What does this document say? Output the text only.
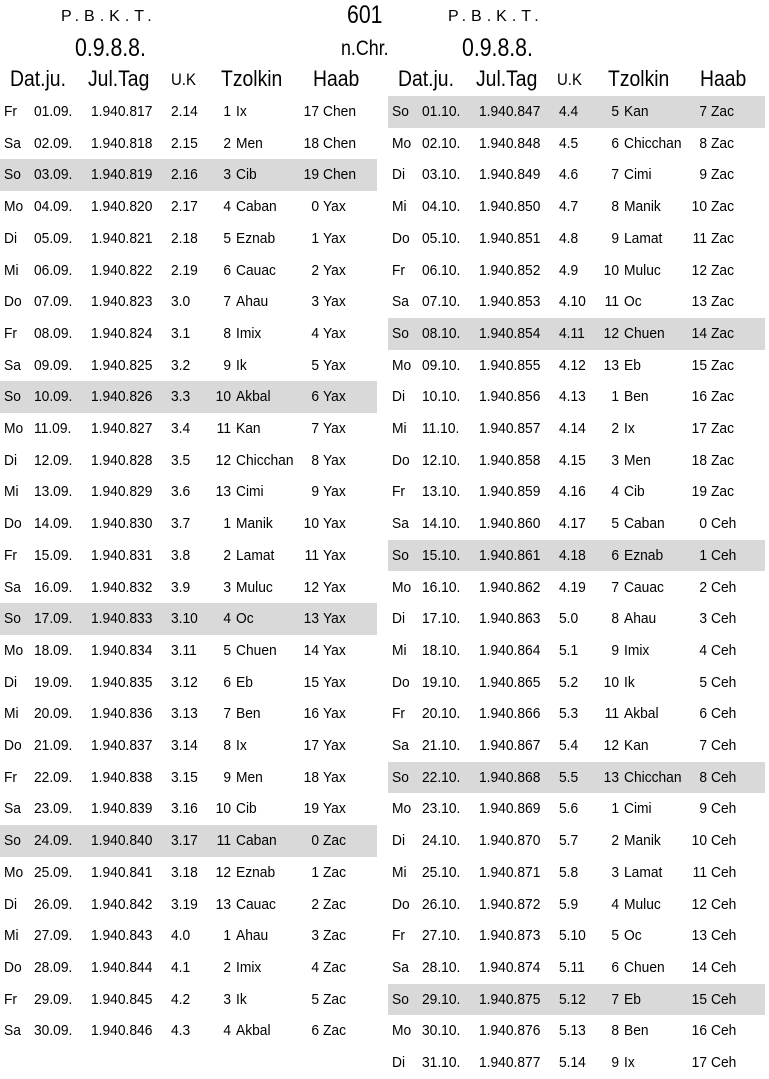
P.B.K.T.
0.9.8.8.
601
n.Chr.
P.B.K.T.
0.9.8.8.
Dat.ju. Jul.Tag U.K Tzolkin Haab Dat.ju. Jul.Tag U.K Tzolkin Haab
Fr 01.09. 1.940.817 2.14	1 Ix	17 Chen
Sa 02.09. 1.940.818 2.15	2 Men	18 Chen
So 03.09. 1.940.819 2.16	3 Cib	19 Chen
Mo 04.09. 1.940.820 2.17	4 Caban	0 Yax
Di 05.09. 1.940.821 2.18	5 Eznab	1 Yax
Mi 06.09. 1.940.822 2.19	6 Cauac	2 Yax
Do 07.09. 1.940.823 3.0	7 Ahau	3 Yax
Fr 08.09. 1.940.824 3.1	8 Imix	4 Yax
Sa 09.09. 1.940.825 3.2	9 Ik	5 Yax
So 10.09. 1.940.826 3.3	10 Akbal	6 Yax
Mo 11.09. 1.940.827 3.4	11 Kan	7 Yax
Di 12.09. 1.940.828 3.5	12 Chicchan	8 Yax
Mi 13.09. 1.940.829 3.6	13 Cimi	9 Yax
Do 14.09. 1.940.830 3.7	1 Manik	10 Yax
Fr 15.09. 1.940.831 3.8	2 Lamat	11 Yax
Sa 16.09. 1.940.832 3.9	3 Muluc	12 Yax
So 17.09. 1.940.833 3.10	4 Oc	13 Yax
Mo 18.09. 1.940.834 3.11	5 Chuen	14 Yax
Di 19.09. 1.940.835 3.12	6 Eb	15 Yax
Mi 20.09. 1.940.836 3.13	7 Ben	16 Yax
Do 21.09. 1.940.837 3.14	8 Ix	17 Yax
Fr 22.09. 1.940.838 3.15	9 Men	18 Yax
Sa 23.09. 1.940.839 3.16	10 Cib	19 Yax
So 24.09. 1.940.840 3.17	11 Caban	0 Zac
Mo 25.09. 1.940.841 3.18	12 Eznab	1 Zac
Di 26.09. 1.940.842 3.19	13 Cauac	2 Zac
Mi 27.09. 1.940.843 4.0	1 Ahau	3 Zac
Do 28.09. 1.940.844 4.1	2 Imix	4 Zac
Fr 29.09. 1.940.845 4.2	3 Ik	5 Zac
Sa 30.09. 1.940.846 4.3	4 Akbal	6 Zac
So 01.10. 1.940.847 4.4	5 Kan	7 Zac
Mo 02.10. 1.940.848 4.5	6 Chicchan	8 Zac
Di 03.10. 1.940.849 4.6	7 Cimi	9 Zac
Mi 04.10. 1.940.850 4.7	8 Manik	10 Zac
Do 05.10. 1.940.851 4.8	9 Lamat	11 Zac
Fr 06.10. 1.940.852 4.9	10 Muluc	12 Zac
Sa 07.10. 1.940.853 4.10	11 Oc	13 Zac
So 08.10. 1.940.854 4.11	12 Chuen	14 Zac
Mo 09.10. 1.940.855 4.12	13 Eb	15 Zac
Di 10.10. 1.940.856 4.13	1 Ben	16 Zac
Mi 11.10. 1.940.857 4.14	2 Ix	17 Zac
Do 12.10. 1.940.858 4.15	3 Men	18 Zac
Fr 13.10. 1.940.859 4.16	4 Cib	19 Zac
Sa 14.10. 1.940.860 4.17	5 Caban	0 Ceh
So 15.10. 1.940.861 4.18	6 Eznab	1 Ceh
Mo 16.10. 1.940.862 4.19	7 Cauac	2 Ceh
Di 17.10. 1.940.863 5.0	8 Ahau	3 Ceh
Mi 18.10. 1.940.864 5.1	9 Imix	4 Ceh
Do 19.10. 1.940.865 5.2	10 Ik	5 Ceh
Fr 20.10. 1.940.866 5.3	11 Akbal	6 Ceh
Sa 21.10. 1.940.867 5.4	12 Kan	7 Ceh
So 22.10. 1.940.868 5.5	13 Chicchan	8 Ceh
Mo 23.10. 1.940.869 5.6	1 Cimi	9 Ceh
Di 24.10. 1.940.870 5.7	2 Manik	10 Ceh
Mi 25.10. 1.940.871 5.8	3 Lamat	11 Ceh
Do 26.10. 1.940.872 5.9	4 Muluc	12 Ceh
Fr 27.10. 1.940.873 5.10	5 Oc	13 Ceh
Sa 28.10. 1.940.874 5.11	6 Chuen	14 Ceh
So 29.10. 1.940.875 5.12	7 Eb	15 Ceh
Mo 30.10. 1.940.876 5.13	8 Ben	16 Ceh
Di 31.10. 1.940.877 5.14	9 Ix	17 Ceh
